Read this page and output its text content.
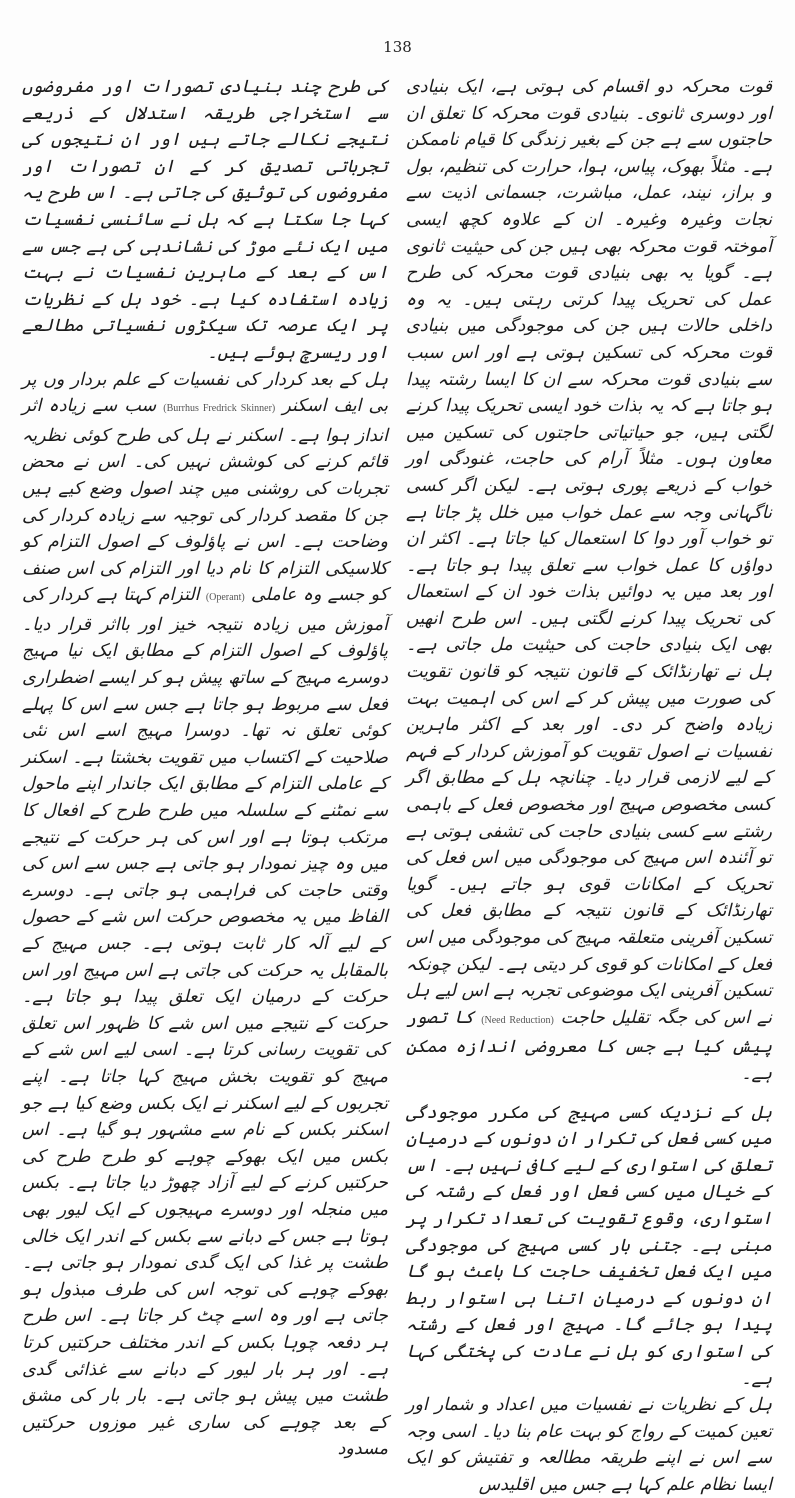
138

قوت محرکہ دو اقسام کی ہوتی ہے، ایک بنیادی اور دوسری ثانوی۔ بنیادی قوت محرکہ کا تعلق ان حاجتوں سے ہے جن کے بغیر زندگی کا قیام ناممکن ہے۔ مثلاً بھوک، پیاس، ہوا، حرارت کی تنظیم، بول و براز، نیند، عمل، مباشرت، جسمانی اذیت سے نجات وغیرہ وغیرہ۔ ان کے علاوہ کچھ ایسی آموختہ قوت محرکہ بھی ہیں جن کی حیثیت ثانوی ہے۔ گویا یہ بھی بنیادی قوت محرکہ کی طرح عمل کی تحریک پیدا کرتی رہتی ہیں۔ یہ وہ داخلی حالات ہیں جن کی موجودگی میں بنیادی قوت محرکہ کی تسکین ہوتی ہے اور اس سبب سے بنیادی قوت محرکہ سے ان کا ایسا رشتہ پیدا ہو جاتا ہے کہ یہ بذات خود ایسی تحریک پیدا کرنے لگتی ہیں، جو حیاتیاتی حاجتوں کی تسکین میں معاون ہوں۔ مثلاً آرام کی حاجت، غنودگی اور خواب کے ذریعے پوری ہوتی ہے۔ لیکن اگر کسی ناگہانی وجہ سے عمل خواب میں خلل پڑ جاتا ہے تو خواب آور دوا کا استعمال کیا جاتا ہے۔ اکثر ان دواؤں کا عمل خواب سے تعلق پیدا ہو جاتا ہے۔ اور بعد میں یہ دوائیں بذات خود ان کے استعمال کی تحریک پیدا کرنے لگتی ہیں۔ اس طرح انھیں بھی ایک بنیادی حاجت کی حیثیت مل جاتی ہے۔ ہل نے تھارنڈائک کے قانون نتیجہ کو قانون تقویت کی صورت میں پیش کر کے اس کی اہمیت بہت زیادہ واضح کر دی۔ اور بعد کے اکثر ماہرین نفسیات نے اصول تقویت کو آموزش کردار کے فہم کے لیے لازمی قرار دیا۔ چنانچہ ہل کے مطابق اگر کسی مخصوص مہیج اور مخصوص فعل کے باہمی رشتے سے کسی بنیادی حاجت کی تشفی ہوتی ہے تو آئندہ اس مہیج کی موجودگی میں اس فعل کی تحریک کے امکانات قوی ہو جاتے ہیں۔ گویا تھارنڈائک کے قانون نتیجہ کے مطابق فعل کی تسکین آفرینی متعلقہ مہیج کی موجودگی میں اس فعل کے امکانات کو قوی کر دیتی ہے۔ لیکن چونکہ تسکین آفرینی ایک موضوعی تجربہ ہے اس لیے ہل نے اس کی جگہ تقلیل حاجت (Need Reduction) کا تصور پیش کیا ہے جس کا معروضی اندازہ ممکن ہے۔

ہل کے نزدیک کسی مہیج کی مکرر موجودگی میں کسی فعل کی تکرار ان دونوں کے درمیان تعلق کی استواری کے لیے کافی نہیں ہے۔ اس کے خیال میں کسی فعل اور فعل کے رشتہ کی استواری، وقوع تقویت کی تعداد تکرار پر مبنی ہے۔ جتنی بار کسی مہیج کی موجودگی میں ایک فعل تخفیف حاجت کا باعث ہو گا ان دونوں کے درمیان اتنا ہی استوار ربط پیدا ہو جائے گا۔ مہیج اور فعل کے رشتہ کی استواری کو ہل نے عادت کی پختگی کہا ہے۔

ہل کے نظریات نے نفسیات میں اعداد و شمار اور تعین کمیت کے رواج کو بہت عام بنا دیا۔ اسی وجہ سے اس نے اپنے طریقہ مطالعہ و تفتیش کو ایک ایسا نظام علم کہا ہے جس میں اقلیدس

کی طرح چند بنیادی تصورات اور مفروضوں سے استخراجی طریقہ استدلال کے ذریعے نتیجے نکالے جاتے ہیں اور ان نتیجوں کی تجرباتی تصدیق کر کے ان تصورات اور مفروضوں کی توثیق کی جاتی ہے۔ اس طرح یہ کہا جا سکتا ہے کہ ہل نے سائنسی نفسیات میں ایک نئے موڑ کی نشاندہی کی ہے جس سے اس کے بعد کے ماہرین نفسیات نے بہت زیادہ استفادہ کیا ہے۔ خود ہل کے نظریات پر ایک عرصہ تک سیکڑوں نفسیاتی مطالعے اور ریسرچ ہوئے ہیں۔

ہل کے بعد کردار کی نفسیات کے علم بردار وں پر بی ایف اسکنر (Burrhus Fredrick Skinner) سب سے زیادہ اثر انداز ہوا ہے۔ اسکنر نے ہل کی طرح کوئی نظریہ قائم کرنے کی کوشش نہیں کی۔ اس نے محض تجربات کی روشنی میں چند اصول وضع کیے ہیں جن کا مقصد کردار کی توجیہ سے زیادہ کردار کی وضاحت ہے۔ اس نے پاؤلوف کے اصول التزام کو کلاسیکی التزام کا نام دیا اور التزام کی اس صنف کو جسے وہ عاملی (Operant) التزام کہتا ہے کردار کی آموزش میں زیادہ نتیجہ خیز اور بااثر قرار دیا۔ پاؤلوف کے اصول التزام کے مطابق ایک نیا مہیج دوسرے مہیج کے ساتھ پیش ہو کر ایسے اضطراری فعل سے مربوط ہو جاتا ہے جس سے اس کا پہلے کوئی تعلق نہ تھا۔ دوسرا مہیج اسے اس نئی صلاحیت کے اکتساب میں تقویت بخشتا ہے۔ اسکنر کے عاملی التزام کے مطابق ایک جاندار اپنے ماحول سے نمٹنے کے سلسلہ میں طرح طرح کے افعال کا مرتکب ہوتا ہے اور اس کی ہر حرکت کے نتیجے میں وہ چیز نمودار ہو جاتی ہے جس سے اس کی وقتی حاجت کی فراہمی ہو جاتی ہے۔ دوسرے الفاظ میں یہ مخصوص حرکت اس شے کے حصول کے لیے آلہ کار ثابت ہوتی ہے۔ جس مہیج کے بالمقابل یہ حرکت کی جاتی ہے اس مہیج اور اس حرکت کے درمیان ایک تعلق پیدا ہو جاتا ہے۔ حرکت کے نتیجے میں اس شے کا ظہور اس تعلق کی تقویت رسانی کرتا ہے۔ اسی لیے اس شے کے مہیج کو تقویت بخش مہیج کہا جاتا ہے۔ اپنے تجربوں کے لیے اسکنر نے ایک بکس وضع کیا ہے جو اسکنر بکس کے نام سے مشہور ہو گیا ہے۔ اس بکس میں ایک بھوکے چوہے کو طرح طرح کی حرکتیں کرنے کے لیے آزاد چھوڑ دیا جاتا ہے۔ بکس میں منجلہ اور دوسرے مہیجوں کے ایک لیور بھی ہوتا ہے جس کے دبانے سے بکس کے اندر ایک خالی طشت پر غذا کی ایک گدی نمودار ہو جاتی ہے۔ بھوکے چوہے کی توجہ اس کی طرف مبذول ہو جاتی ہے اور وہ اسے چٹ کر جاتا ہے۔ اس طرح ہر دفعہ چوہا بکس کے اندر مختلف حرکتیں کرتا ہے۔ اور ہر بار لیور کے دبانے سے غذائی گدی طشت میں پیش ہو جاتی ہے۔ بار بار کی مشق کے بعد چوہے کی ساری غیر موزوں حرکتیں مسدود
